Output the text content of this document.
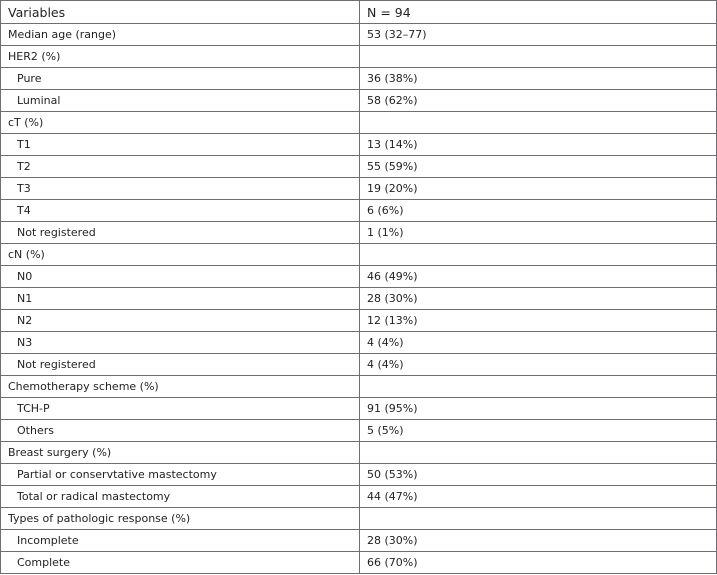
Variables	N = 94
Median age (range)	53 (32–77)
HER2 (%)	
Pure	36 (38%)
Luminal	58 (62%)
cT (%)	
T1	13 (14%)
T2	55 (59%)
T3	19 (20%)
T4	6 (6%)
Not registered	1 (1%)
cN (%)	
N0	46 (49%)
N1	28 (30%)
N2	12 (13%)
N3	4 (4%)
Not registered	4 (4%)
Chemotherapy scheme (%)	
TCH-P	91 (95%)
Others	5 (5%)
Breast surgery (%)	
Partial or conservtative mastectomy	50 (53%)
Total or radical mastectomy	44 (47%)
Types of pathologic response (%)	
Incomplete	28 (30%)
Complete	66 (70%)
